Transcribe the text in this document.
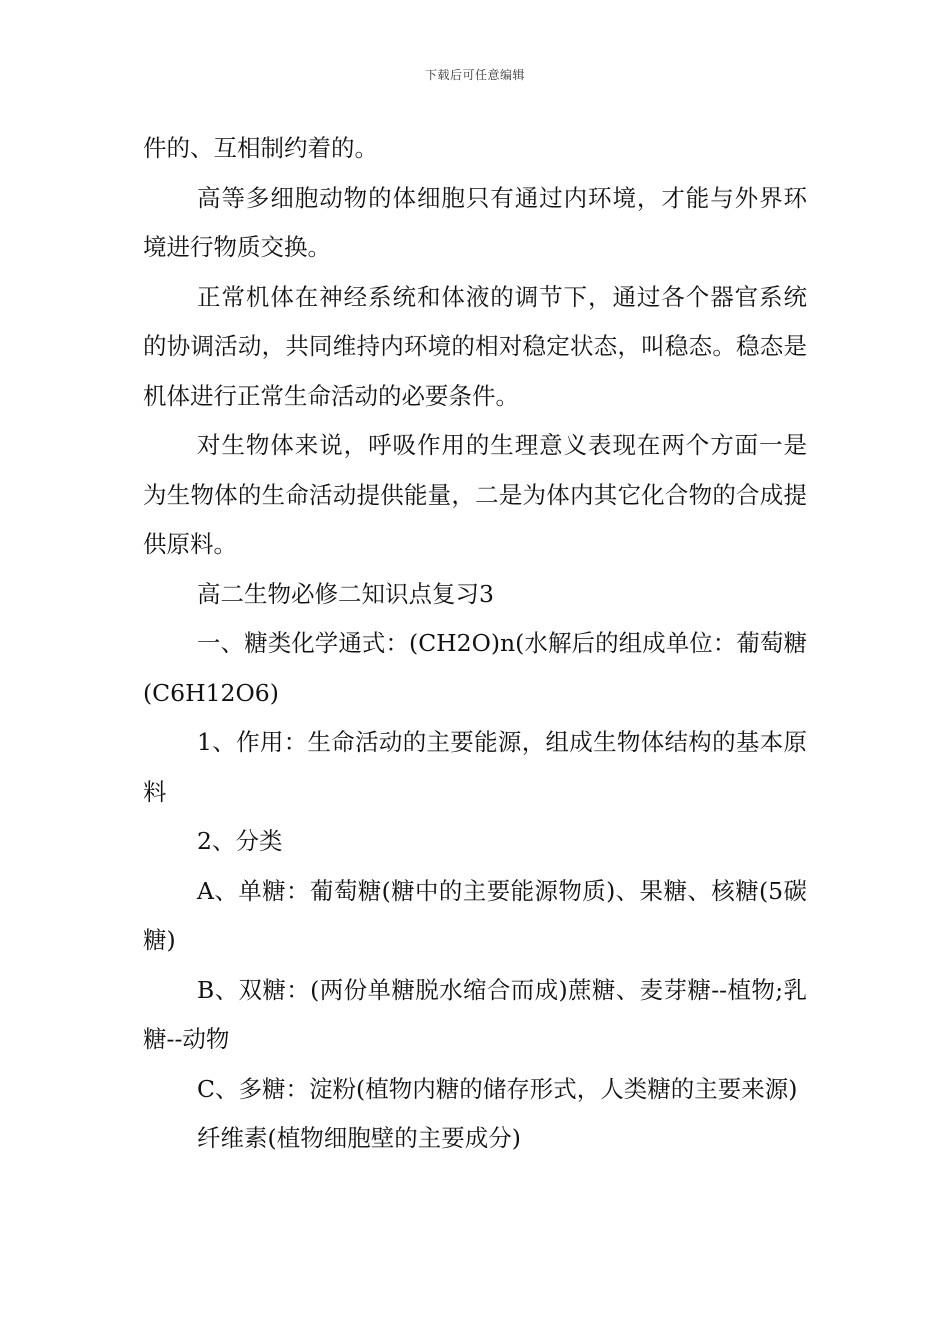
下载后可任意编辑

件的、互相制约着的。

高等多细胞动物的体细胞只有通过内环境，才能与外界环境进行物质交换。

正常机体在神经系统和体液的调节下，通过各个器官系统的协调活动，共同维持内环境的相对稳定状态，叫稳态。稳态是机体进行正常生命活动的必要条件。

对生物体来说，呼吸作用的生理意义表现在两个方面一是为生物体的生命活动提供能量，二是为体内其它化合物的合成提供原料。

高二生物必修二知识点复习3

一、糖类化学通式：(CH2O)n(水解后的组成单位：葡萄糖(C6H12O6)

1、作用：生命活动的主要能源，组成生物体结构的基本原料

2、分类

A、单糖：葡萄糖(糖中的主要能源物质)、果糖、核糖(5碳糖)

B、双糖：(两份单糖脱水缩合而成)蔗糖、麦芽糖--植物;乳糖--动物

C、多糖：淀粉(植物内糖的储存形式，人类糖的主要来源)

纤维素(植物细胞壁的主要成分)
